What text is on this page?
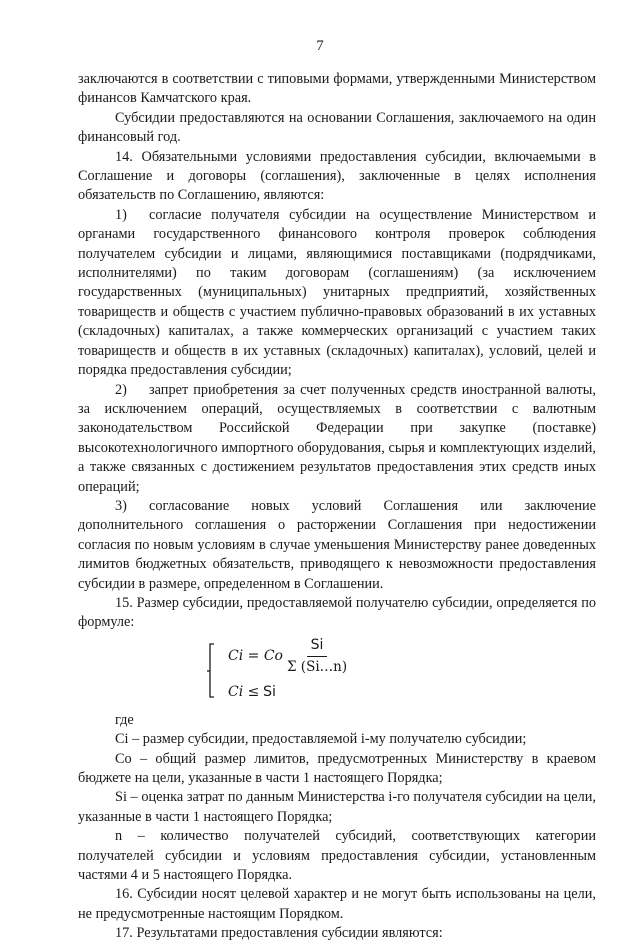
7

заключаются в соответствии с типовыми формами, утвержденными Министерством финансов Камчатского края.

Субсидии предоставляются на основании Соглашения, заключаемого на один финансовый год.

14. Обязательными условиями предоставления субсидии, включаемыми в Соглашение и договоры (соглашения), заключенные в целях исполнения обязательств по Соглашению, являются:

1) согласие получателя субсидии на осуществление Министерством и органами государственного финансового контроля проверок соблюдения получателем субсидии и лицами, являющимися поставщиками (подрядчиками, исполнителями) по таким договорам (соглашениям) (за исключением государственных (муниципальных) унитарных предприятий, хозяйственных товариществ и обществ с участием публично-правовых образований в их уставных (складочных) капиталах, а также коммерческих организаций с участием таких товариществ и обществ в их уставных (складочных) капиталах), условий, целей и порядка предоставления субсидии;

2) запрет приобретения за счет полученных средств иностранной валюты, за исключением операций, осуществляемых в соответствии с валютным законодательством Российской Федерации при закупке (поставке) высокотехнологичного импортного оборудования, сырья и комплектующих изделий, а также связанных с достижением результатов предоставления этих средств иных операций;

3) согласование новых условий Соглашения или заключение дополнительного соглашения о расторжении Соглашения при недостижении согласия по новым условиям в случае уменьшения Министерству ранее доведенных лимитов бюджетных обязательств, приводящего к невозможности предоставления субсидии в размере, определенном в Соглашении.

15. Размер субсидии, предоставляемой получателю субсидии, определяется по формуле:

Ci = Co $\frac{Si}{\Sigma (Si\dots n)}$
Ci ≤ Si

где

Ci – размер субсидии, предоставляемой i-му получателю субсидии;

Со – общий размер лимитов, предусмотренных Министерству в краевом бюджете на цели, указанные в части 1 настоящего Порядка;

Si – оценка затрат по данным Министерства i-го получателя субсидии на цели, указанные в части 1 настоящего Порядка;

n – количество получателей субсидий, соответствующих категории получателей субсидии и условиям предоставления субсидии, установленным частями 4 и 5 настоящего Порядка.

16. Субсидии носят целевой характер и не могут быть использованы на цели, не предусмотренные настоящим Порядком.

17. Результатами предоставления субсидии являются:
